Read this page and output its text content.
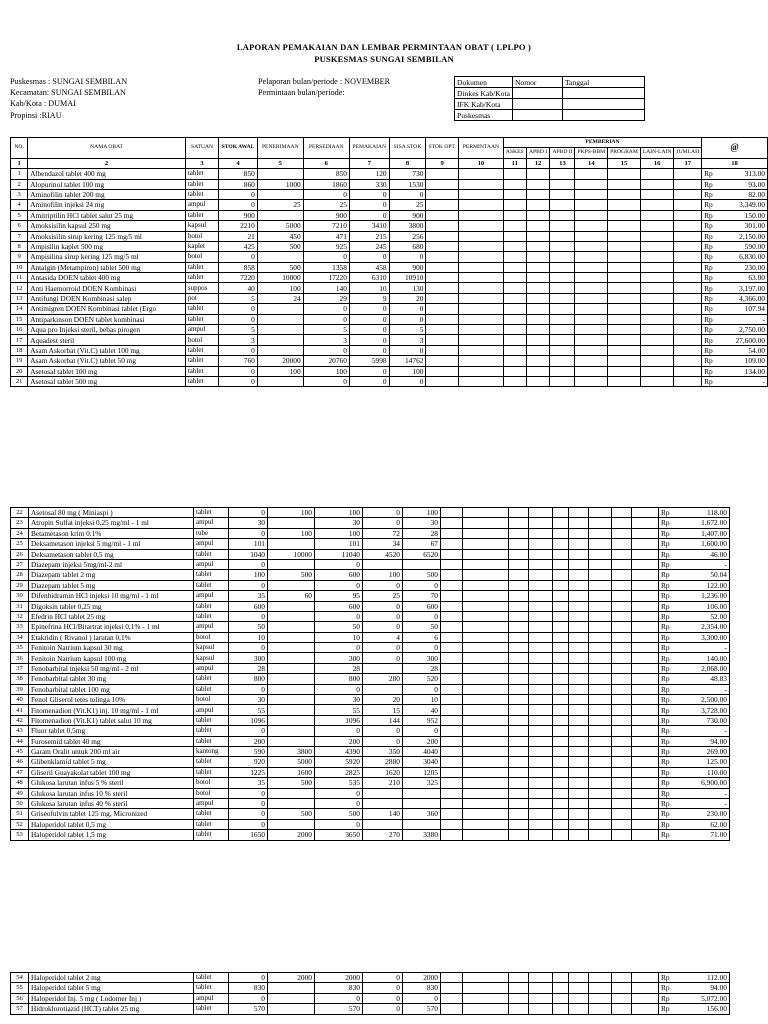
LAPORAN PEMAKAIAN DAN LEMBAR PERMINTAAN OBAT ( LPLPO )
PUSKESMAS SUNGAI SEMBILAN
Puskesmas : SUNGAI SEMBILAN
Kecamatan: SUNGAI SEMBILAN
Kab/Kota : DUMAI
Propinsi :RIAU
Pelaporan bulan/periode : NOVEMBER
Permintaan bulan/periode:
Dokumen	Nomor	Tanggal
Dinkes Kab/Kota		
IFK Kab/Kota		
Puskesmas		
NO.	NAMA OBAT	SATUAN	STOK AWAL	PENERIMAAN	PERSEDIAAN	PEMAKAIAN	SISA STOK	STOK OPT.	PERMINTAAN	PEMBERIAN							@	
										ASKES	APBD I	APBD II	PKPS-BBM	PROGRAM	LAIN-LAIN	JUMLAH		
1	2	3	4	5	6	7	8	9	10	11	12	13	14	15	16	17	18	
1	Albendazol tablet 400 mg	tablet	850		850	120	730										Rp	313.00
2	Alopurinol tablet 100 mg	tablet	860	1000	1860	330	1530										Rp	93.00
3	Aminofilin tablet 200 mg	tablet	0		0	0	0										Rp	82.00
4	Aminofilin injeksi 24 mg	ampul	0	25	25	0	25										Rp	3,349.00
5	Amitriptilin HCl tablet salut 25 mg	tablet	900		900	0	900										Rp	150.00
6	Amoksisilin kapsul 250 mg	kapsul	2210	5000	7210	3410	3800										Rp	301.00
7	Amoksisilin sirup kering 125 mg/5 ml	botol	21	450	471	215	256										Rp	2,150.00
8	Ampisilin kaplet 500 mg	kaplet	425	500	925	245	680										Rp	590.00
9	Ampisilina sirup kering 125 mg/5 ml	botol	0		0	0	0										Rp	6,830.00
10	Antalgin (Metampiron) tablet 500 mg	tablet	858	500	1358	458	900										Rp	230.00
11	Antasida DOEN tablet 400 mg	tablet	7220	10000	17220	6310	10910										Rp	63.00
12	Anti Haemorroid DOEN Kombinasi	suppos	40	100	140	10	130										Rp	3,197.00
13	Antifungi DOEN Kombinasi salep	pot	5	24	29	9	20										Rp	4,366.00
14	Antimigren DOEN Kombinasi tablet (Ergo	tablet	0		0	0	0										Rp	107.94
15	Antiparkinson DOEN tablet kombinasi	tablet	0		0	0	0										Rp	-
16	Aqua pro Injeksi steril, bebas pirogen	ampul	5		5	0	5										Rp	2,750.00
17	Aquadest steril	botol	3		3	0	3										Rp	27,600.00
18	Asam Askorbat (Vit.C) tablet 100 mg	tablet	0		0	0	0										Rp	54.00
19	Asam Askorbat (Vit.C) tablet 50 mg	tablet	760	20000	20760	5998	14762										Rp	109.00
20	Asetosal tablet 100 mg	tablet	0	100	100	0	100										Rp	134.00
21	Asetosal tablet 500 mg	tablet	0		0	0	0										Rp	-
22	Asetosal 80 mg ( Miniaspi )	tablet	0	100	100	0	100										Rp	118.00
23	Atropin Sulfat injeksi 0,25 mg/ml - 1 ml	ampul	30		30	0	30										Rp	1,672.00
24	Betametason krim 0.1%	tube	0	100	100	72	28										Rp	1,407.00
25	Deksametason injeksi 5 mg/ml - 1 ml	ampul	101		101	34	67										Rp	1,600.00
26	Deksametason tablet 0,5 mg	tablet	1040	10000	11040	4520	6520										Rp	46.00
27	Diazepam injeksi 5mg/ml-2 ml	ampul	0		0												Rp	-
28	Diazepam tablet 2 mg	tablet	100	500	600	100	500										Rp	50.04
29	Diazepam tablet 5 mg	tablet	0		0	0	0										Rp	122.00
30	Difenhidramin HCl injeksi 10 mg/ml - 1 ml	ampul	35	60	95	25	70										Rp	1,236.00
31	Digoksin tablet 0,25 mg	tablet	600		600	0	600										Rp	106.00
32	Efedrin HCl tablet 25 mg	tablet	0		0	0	0										Rp	52.00
33	Epinefrina HCl/Bitartrat injeksi 0,1% - 1 ml	ampul	50		50	0	50										Rp	2,354.00
34	Etakridin ( Rivanol ) larutan 0,1%	botol	10		10	4	6										Rp	3,300.00
35	Fenitoin Natrium kapsul 30 mg	kapsul	0		0	0	0										Rp	-
36	Fenitoin Natrium kapsul 100 mg	kapsul	300		300	0	300										Rp	140.00
37	Fenobarbital injeksi 50 mg/ml - 2 ml	ampul	28		28		28										Rp	2,068.00
38	Fenobarbital tablet 30 mg	tablet	800		800	280	520										Rp	48.83
39	Fenobarbital tablet 100 mg	tablet	0		0		0										Rp	-
40	Fenol Gliserol tetes telinga 10%	botol	30		30	20	10										Rp	2,500.00
41	Fitomenadion (Vit.K1) inj. 10 mg/ml - 1 ml	ampul	55		55	15	40										Rp	3,728.00
42	Fitomenadion (Vit.K1) tablet salut 10 mg	tablet	1096		1096	144	952										Rp	730.00
43	Fluor tablet 0,5mg	tablet	0		0	0	0										Rp	-
44	Furosemid tablet 40 mg	tablet	200		200	0	200										Rp	94.00
45	Garam Oralit untuk 200 ml air	kantong	590	3800	4390	350	4040										Rp	269.00
46	Glibenklamid tablet 5 mg	tablet	920	5000	5920	2880	3040										Rp	125.00
47	Gliseril Guayakolat tablet 100 mg	tablet	1225	1600	2825	1620	1205										Rp	110.00
48	Glukosa larutan infus 5 % steril	botol	35	500	535	210	325										Rp	6,900.00
49	Glukosa larutan infus 10 % steril	botol	0		0												Rp	-
50	Glukosa larutan infus 40 % steril	ampul	0		0												Rp	-
51	Griseofulvin tablet 125 mg, Micronized	tablet	0	500	500	140	360										Rp	230.00
52	Haloperidol tablet 0,5 mg	tablet	0		0												Rp	62.00
53	Haloperidol tablet 1,5 mg	tablet	1650	2000	3650	270	3380										Rp	71.00
54	Haloperidol tablet 2 mg	tablet	0	2000	2000	0	2000										Rp	112.00
55	Haloperidol tablet 5 mg	tablet	830		830	0	830										Rp	94.00
56	Haloperidol Inj. 5 mg ( Lodomer Inj )	ampul	0		0	0	0										Rp	5,072.00
57	Hidroklorotiazid (HCT) tablet 25 mg	tablet	570		570	0	570										Rp	156.00
